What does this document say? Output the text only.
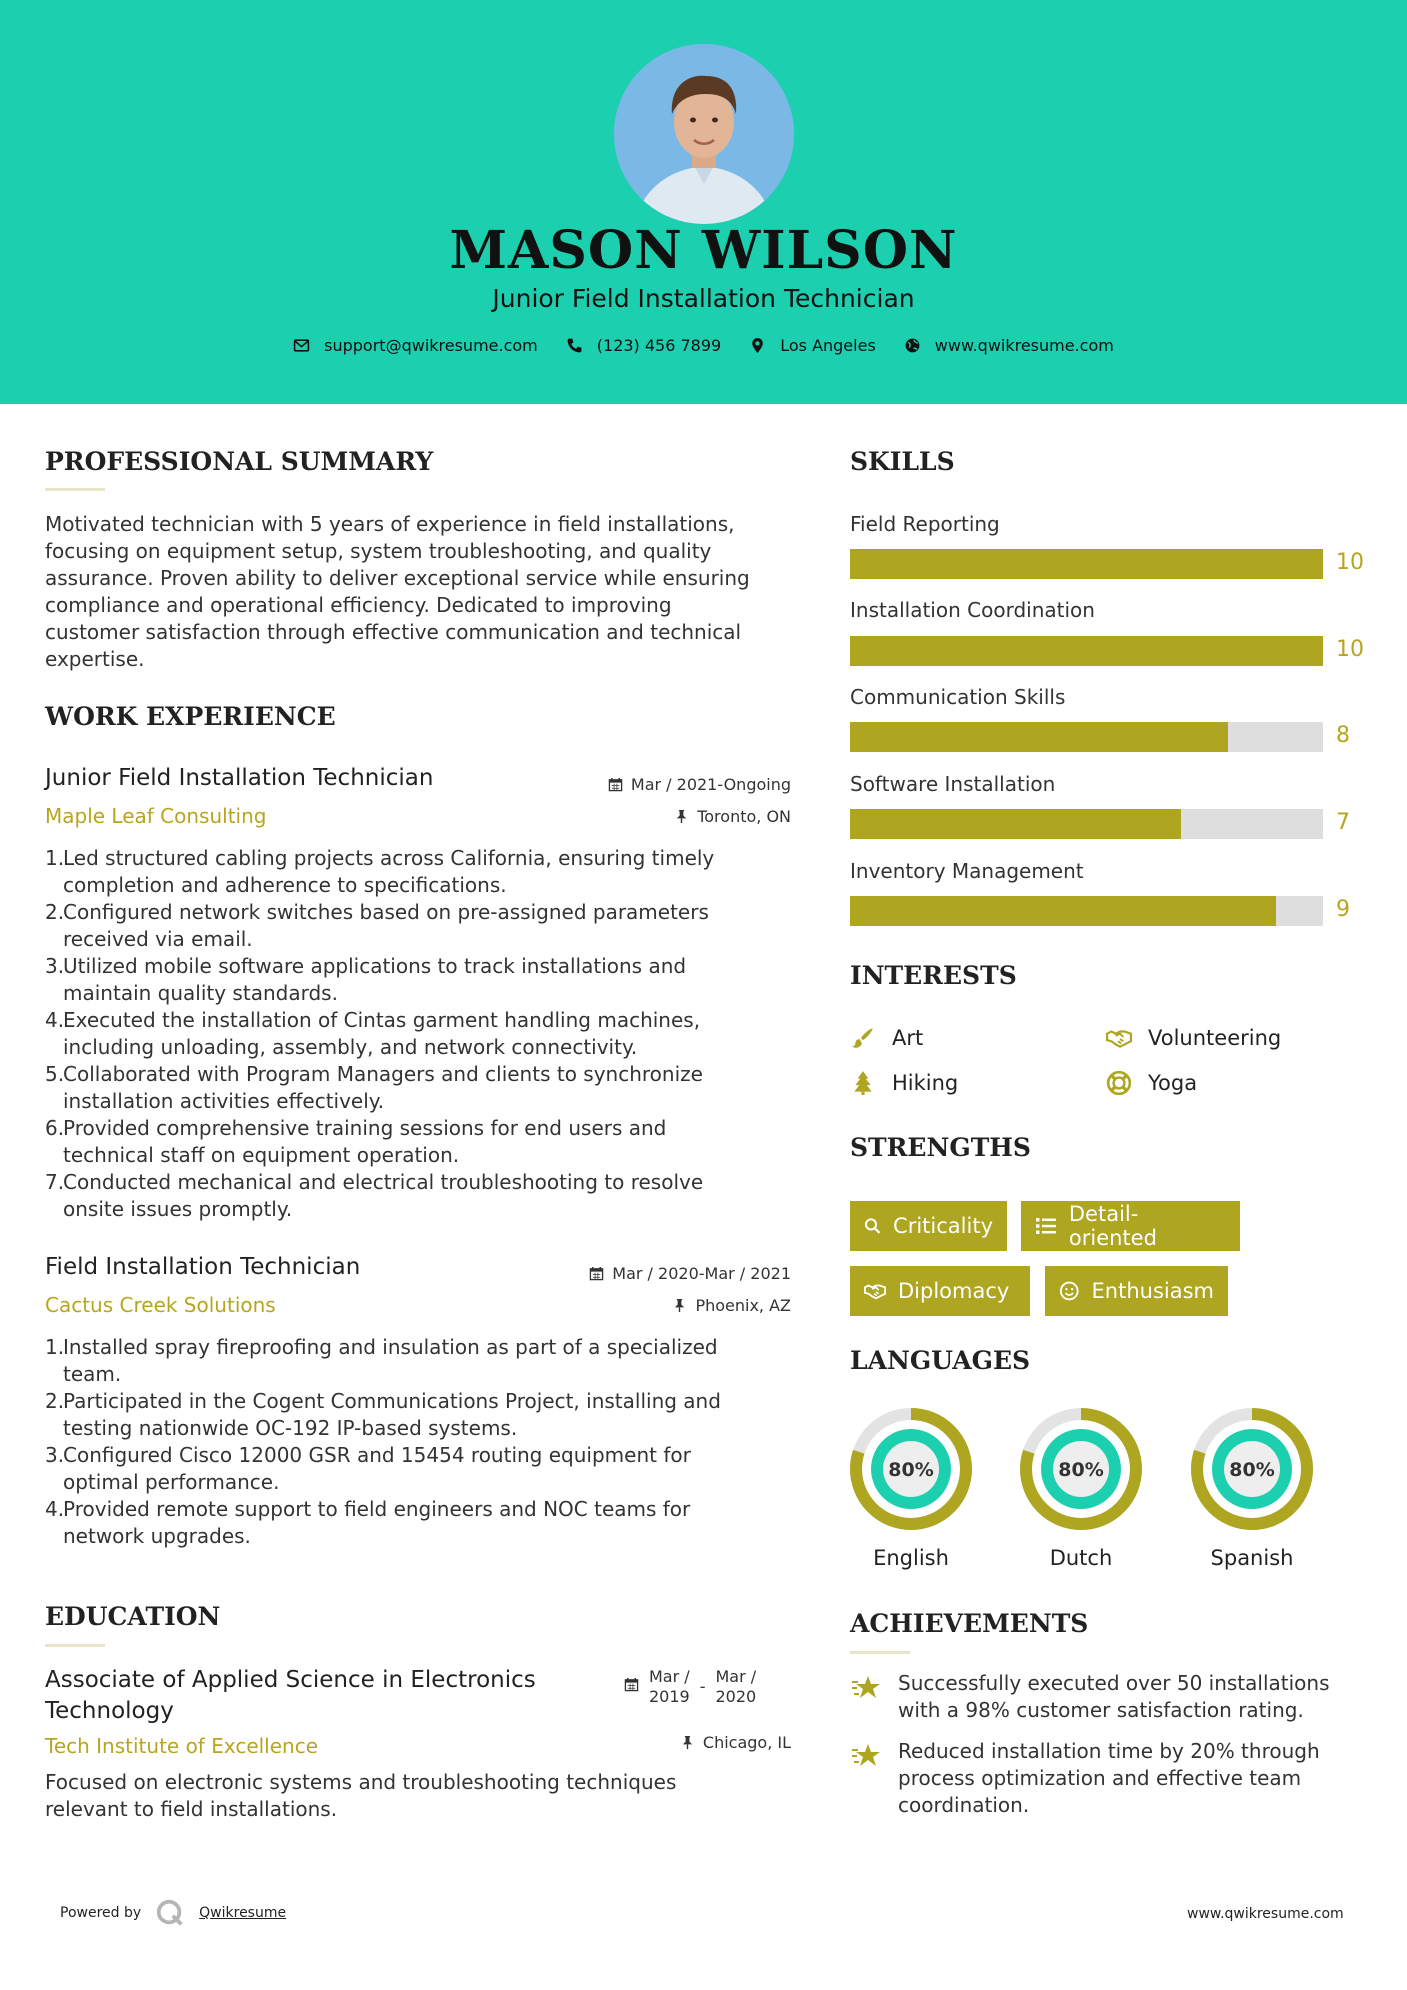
MASON WILSON
Junior Field Installation Technician
support@qwikresume.com	(123) 456 7899	Los Angeles	www.qwikresume.com
PROFESSIONAL SUMMARY
Motivated technician with 5 years of experience in field installations,
focusing on equipment setup, system troubleshooting, and quality
assurance. Proven ability to deliver exceptional service while ensuring
compliance and operational efficiency. Dedicated to improving
customer satisfaction through effective communication and technical
expertise.
WORK EXPERIENCE
Junior Field Installation Technician
Maple Leaf Consulting
Mar / 2021-Ongoing
Toronto, ON
1.
Led structured cabling projects across California, ensuring timely
completion and adherence to specifications.
2.
Configured network switches based on pre-assigned parameters
received via email.
3.
Utilized mobile software applications to track installations and
maintain quality standards.
4.
Executed the installation of Cintas garment handling machines,
including unloading, assembly, and network connectivity.
5.
Collaborated with Program Managers and clients to synchronize
installation activities effectively.
6.
Provided comprehensive training sessions for end users and
technical staff on equipment operation.
7.
Conducted mechanical and electrical troubleshooting to resolve
onsite issues promptly.
Field Installation Technician
Cactus Creek Solutions
Mar / 2020-Mar / 2021
Phoenix, AZ
1.
Installed spray fireproofing and insulation as part of a specialized
team.
2.
Participated in the Cogent Communications Project, installing and
testing nationwide OC-192 IP-based systems.
3.
Configured Cisco 12000 GSR and 15454 routing equipment for
optimal performance.
4.
Provided remote support to field engineers and NOC teams for
network upgrades.
EDUCATION
Associate of Applied Science in Electronics
Technology
Tech Institute of Excellence
Mar /
2019
-
Mar /
2020
Chicago, IL
Focused on electronic systems and troubleshooting techniques
relevant to field installations.
SKILLS
Field Reporting
10
Installation Coordination
10
Communication Skills
8
Software Installation
7
Inventory Management
9
INTERESTS
Art	Volunteering
Hiking	Yoga
STRENGTHS
Criticality	Detail-oriented
Diplomacy	Enthusiasm
LANGUAGES
80%
English
80%
Dutch
80%
Spanish
ACHIEVEMENTS
Successfully executed over 50 installations
with a 98% customer satisfaction rating.
Reduced installation time by 20% through
process optimization and effective team
coordination.
Powered by	Qwikresume	www.qwikresume.com
